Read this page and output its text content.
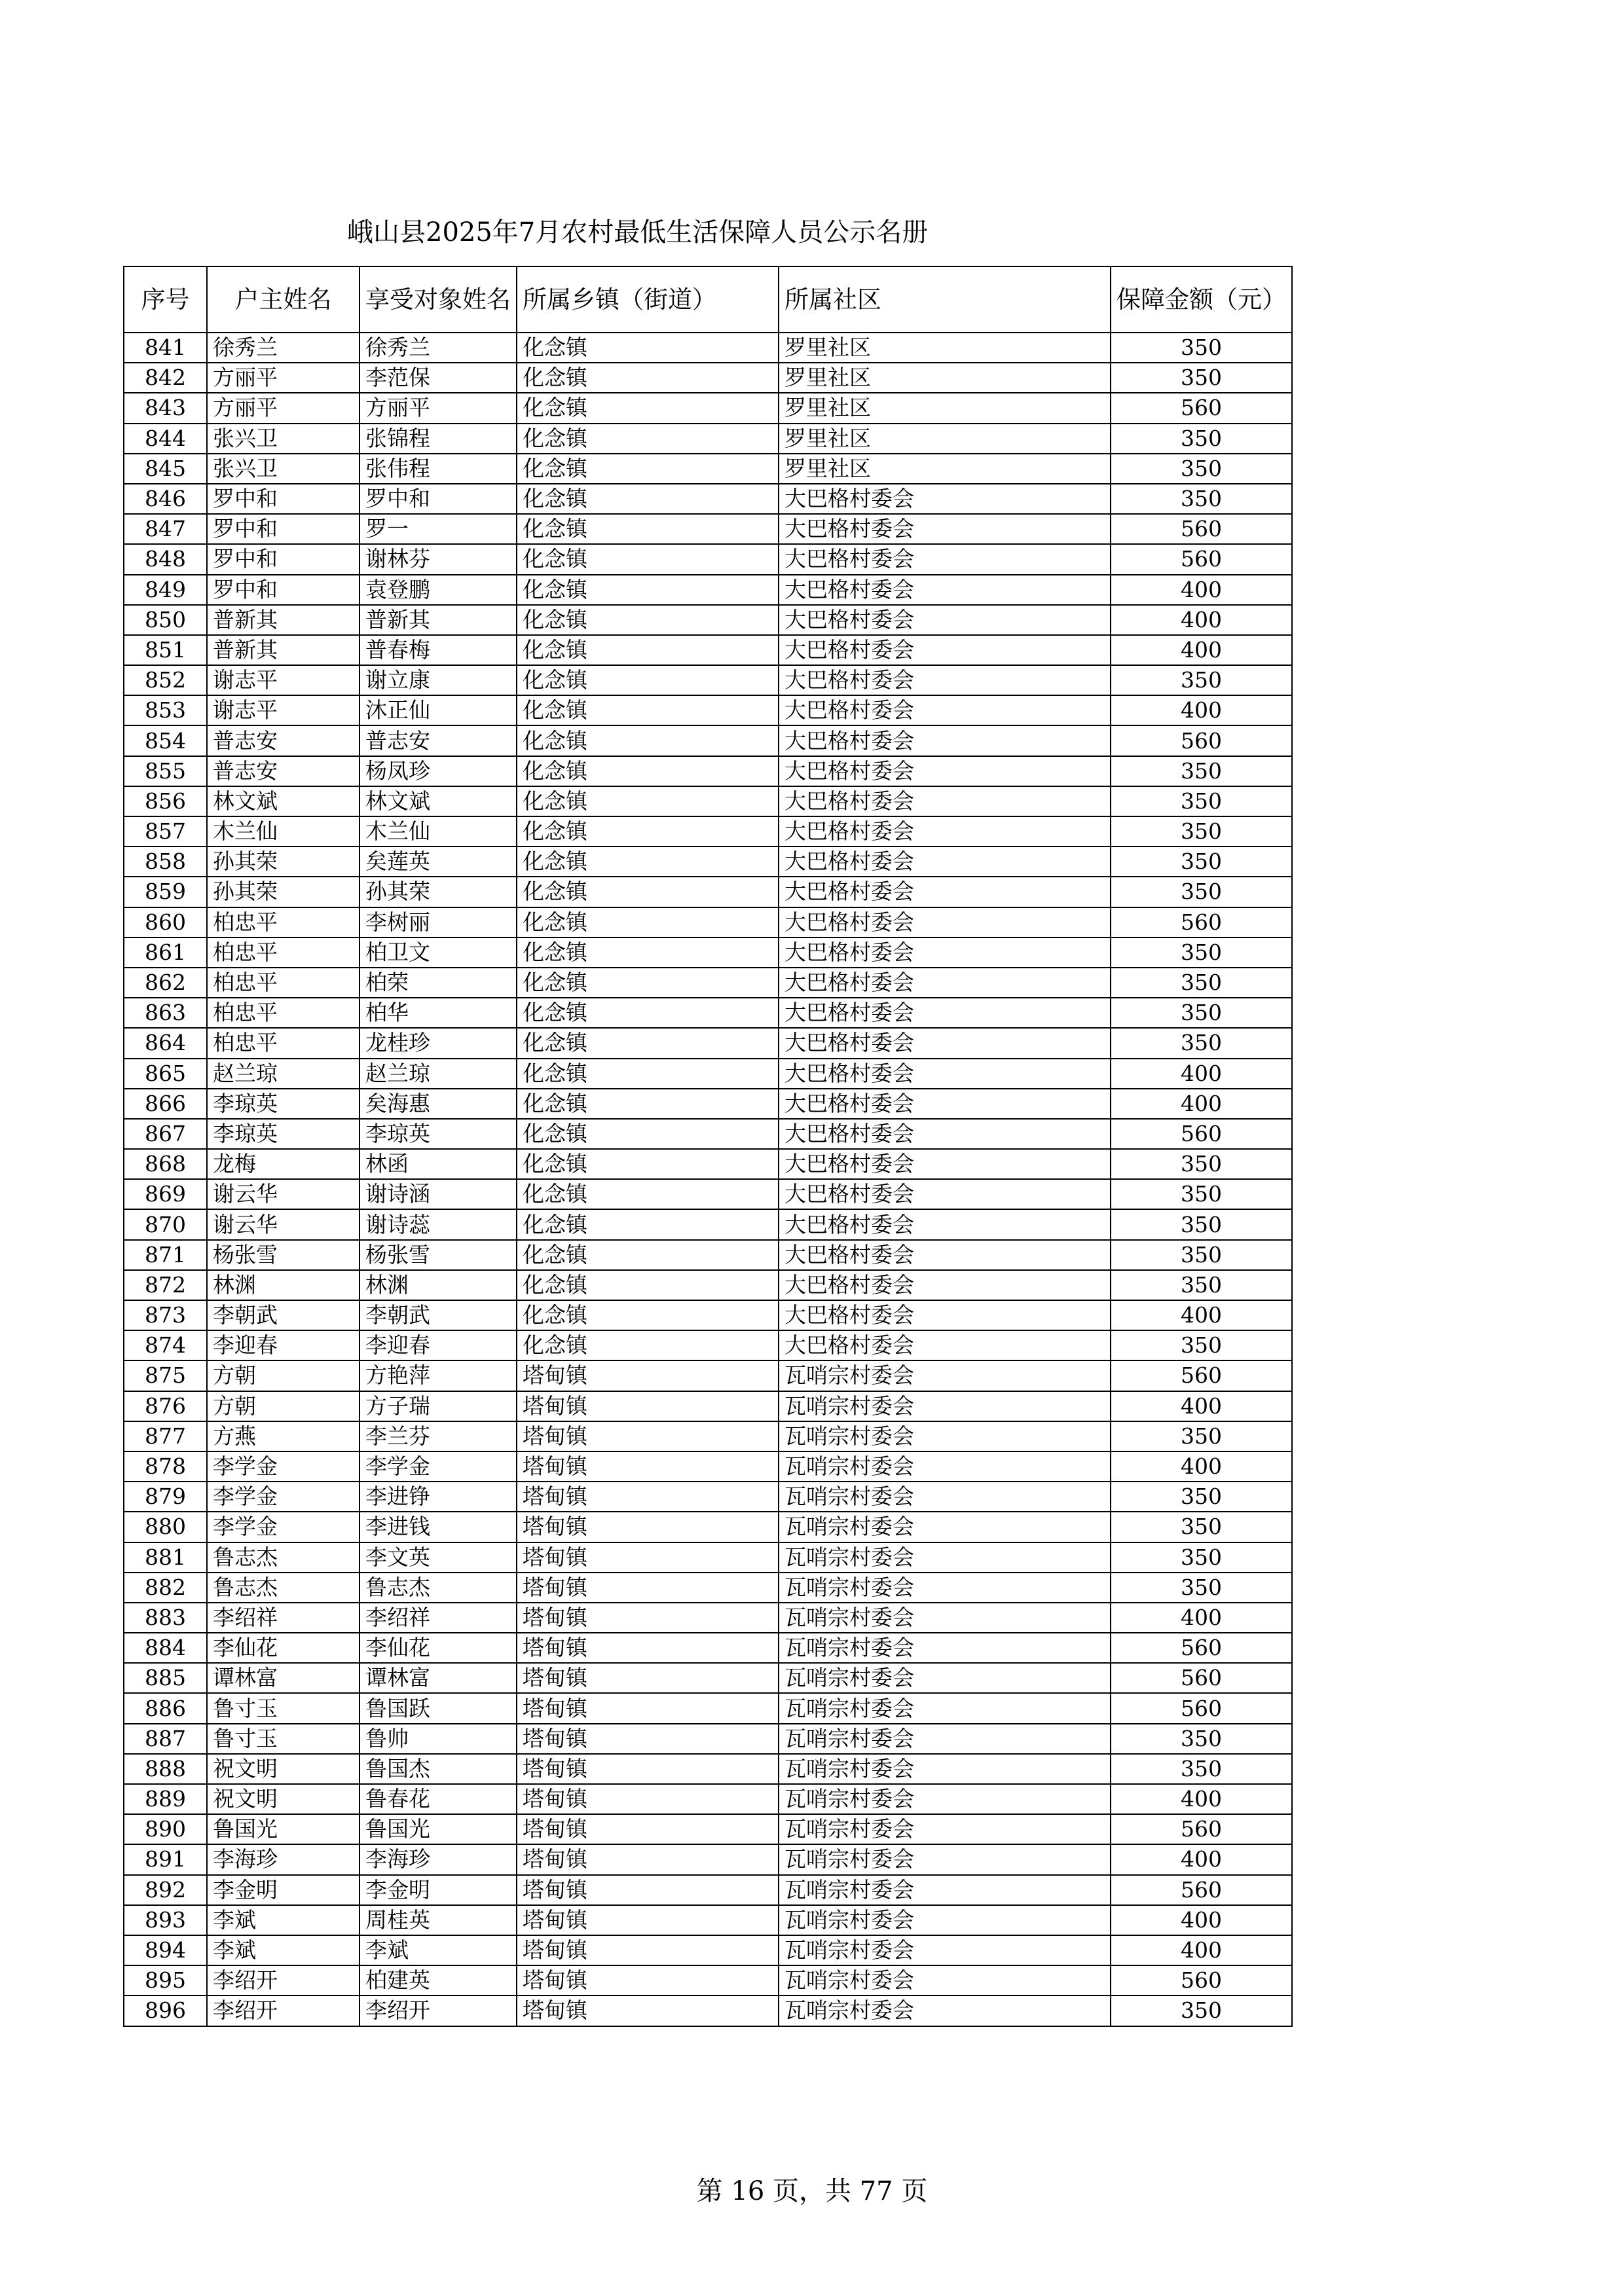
峨山县2025年7月农村最低生活保障人员公示名册
序号	户主姓名	享受对象姓名	所属乡镇（街道）	所属社区	保障金额（元）
841	徐秀兰	徐秀兰	化念镇	罗里社区	350
842	方丽平	李范保	化念镇	罗里社区	350
843	方丽平	方丽平	化念镇	罗里社区	560
844	张兴卫	张锦程	化念镇	罗里社区	350
845	张兴卫	张伟程	化念镇	罗里社区	350
846	罗中和	罗中和	化念镇	大巴格村委会	350
847	罗中和	罗一	化念镇	大巴格村委会	560
848	罗中和	谢林芬	化念镇	大巴格村委会	560
849	罗中和	袁登鹏	化念镇	大巴格村委会	400
850	普新其	普新其	化念镇	大巴格村委会	400
851	普新其	普春梅	化念镇	大巴格村委会	400
852	谢志平	谢立康	化念镇	大巴格村委会	350
853	谢志平	沐正仙	化念镇	大巴格村委会	400
854	普志安	普志安	化念镇	大巴格村委会	560
855	普志安	杨凤珍	化念镇	大巴格村委会	350
856	林文斌	林文斌	化念镇	大巴格村委会	350
857	木兰仙	木兰仙	化念镇	大巴格村委会	350
858	孙其荣	矣莲英	化念镇	大巴格村委会	350
859	孙其荣	孙其荣	化念镇	大巴格村委会	350
860	柏忠平	李树丽	化念镇	大巴格村委会	560
861	柏忠平	柏卫文	化念镇	大巴格村委会	350
862	柏忠平	柏荣	化念镇	大巴格村委会	350
863	柏忠平	柏华	化念镇	大巴格村委会	350
864	柏忠平	龙桂珍	化念镇	大巴格村委会	350
865	赵兰琼	赵兰琼	化念镇	大巴格村委会	400
866	李琼英	矣海惠	化念镇	大巴格村委会	400
867	李琼英	李琼英	化念镇	大巴格村委会	560
868	龙梅	林函	化念镇	大巴格村委会	350
869	谢云华	谢诗涵	化念镇	大巴格村委会	350
870	谢云华	谢诗蕊	化念镇	大巴格村委会	350
871	杨张雪	杨张雪	化念镇	大巴格村委会	350
872	林渊	林渊	化念镇	大巴格村委会	350
873	李朝武	李朝武	化念镇	大巴格村委会	400
874	李迎春	李迎春	化念镇	大巴格村委会	350
875	方朝	方艳萍	塔甸镇	瓦哨宗村委会	560
876	方朝	方子瑞	塔甸镇	瓦哨宗村委会	400
877	方燕	李兰芬	塔甸镇	瓦哨宗村委会	350
878	李学金	李学金	塔甸镇	瓦哨宗村委会	400
879	李学金	李进铮	塔甸镇	瓦哨宗村委会	350
880	李学金	李进钱	塔甸镇	瓦哨宗村委会	350
881	鲁志杰	李文英	塔甸镇	瓦哨宗村委会	350
882	鲁志杰	鲁志杰	塔甸镇	瓦哨宗村委会	350
883	李绍祥	李绍祥	塔甸镇	瓦哨宗村委会	400
884	李仙花	李仙花	塔甸镇	瓦哨宗村委会	560
885	谭林富	谭林富	塔甸镇	瓦哨宗村委会	560
886	鲁寸玉	鲁国跃	塔甸镇	瓦哨宗村委会	560
887	鲁寸玉	鲁帅	塔甸镇	瓦哨宗村委会	350
888	祝文明	鲁国杰	塔甸镇	瓦哨宗村委会	350
889	祝文明	鲁春花	塔甸镇	瓦哨宗村委会	400
890	鲁国光	鲁国光	塔甸镇	瓦哨宗村委会	560
891	李海珍	李海珍	塔甸镇	瓦哨宗村委会	400
892	李金明	李金明	塔甸镇	瓦哨宗村委会	560
893	李斌	周桂英	塔甸镇	瓦哨宗村委会	400
894	李斌	李斌	塔甸镇	瓦哨宗村委会	400
895	李绍开	柏建英	塔甸镇	瓦哨宗村委会	560
896	李绍开	李绍开	塔甸镇	瓦哨宗村委会	350
第 16 页，共 77 页
